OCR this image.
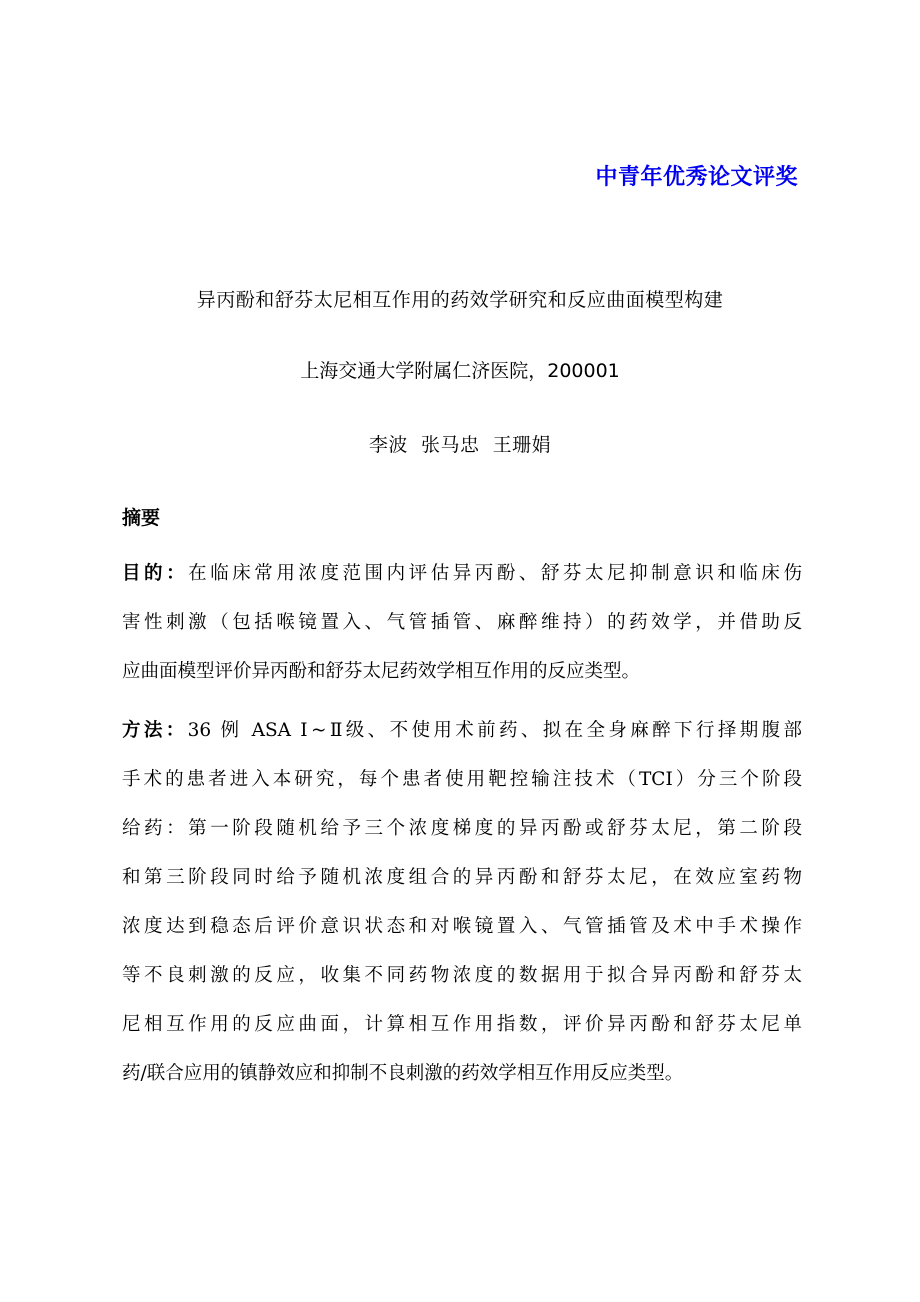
中青年优秀论文评奖
异丙酚和舒芬太尼相互作用的药效学研究和反应曲面模型构建
上海交通大学附属仁济医院，200001
李波  张马忠  王珊娟
摘要
目的：在临床常用浓度范围内评估异丙酚、舒芬太尼抑制意识和临床伤
害性刺激（包括喉镜置入、气管插管、麻醉维持）的药效学，并借助反
应曲面模型评价异丙酚和舒芬太尼药效学相互作用的反应类型。
方法：36 例 ASA Ⅰ~Ⅱ级、不使用术前药、拟在全身麻醉下行择期腹部
手术的患者进入本研究，每个患者使用靶控输注技术（TCI）分三个阶段
给药：第一阶段随机给予三个浓度梯度的异丙酚或舒芬太尼，第二阶段
和第三阶段同时给予随机浓度组合的异丙酚和舒芬太尼，在效应室药物
浓度达到稳态后评价意识状态和对喉镜置入、气管插管及术中手术操作
等不良刺激的反应，收集不同药物浓度的数据用于拟合异丙酚和舒芬太
尼相互作用的反应曲面，计算相互作用指数，评价异丙酚和舒芬太尼单
药/联合应用的镇静效应和抑制不良刺激的药效学相互作用反应类型。
